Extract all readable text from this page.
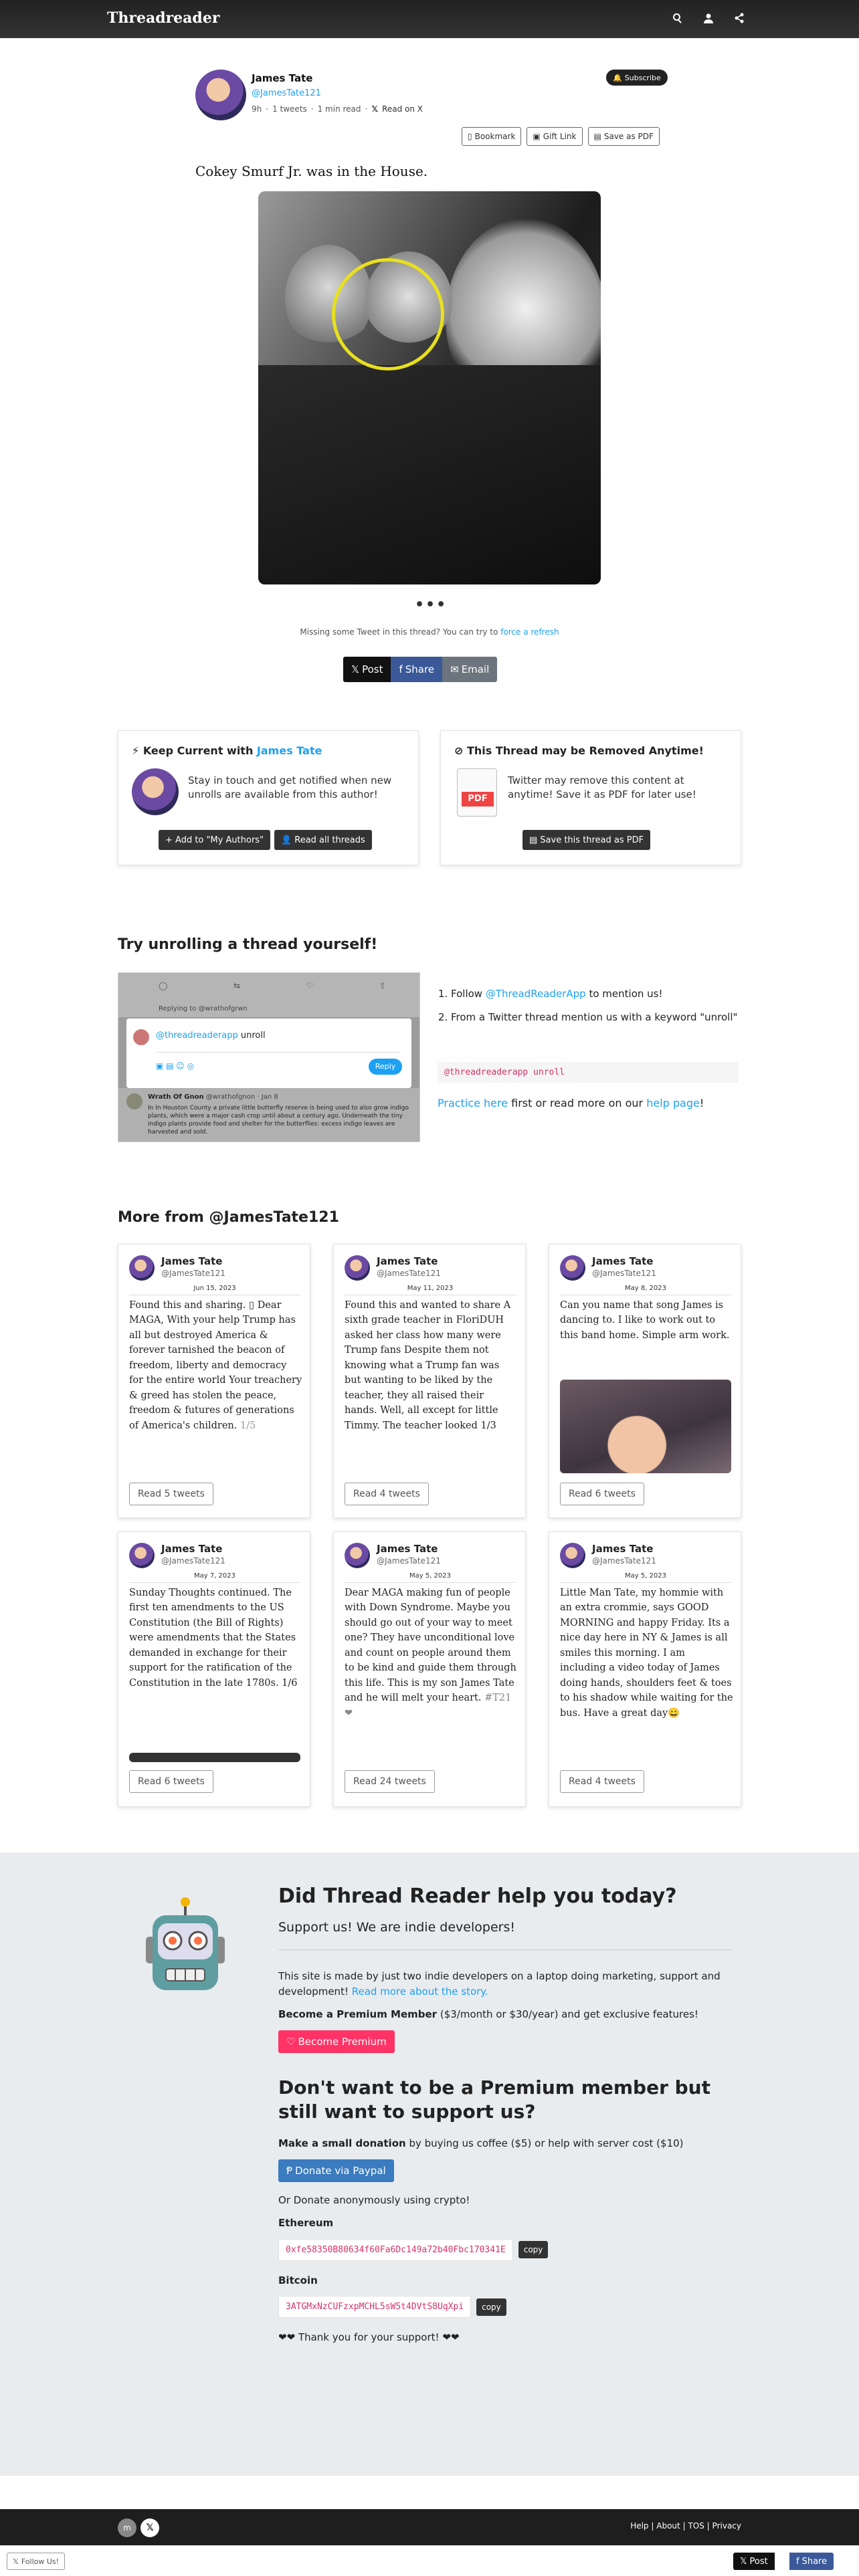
Threadreader
James Tate
@JamesTate121
9h · 1 tweets · 1 min read · 𝕏 Read on X
🔔 Subscribe
▯ Bookmark ▣ Gift Link ▤ Save as PDF
Cokey Smurf Jr. was in the House.
•••
Missing some Tweet in this thread? You can try to force a refresh
𝕏 Post f Share ✉ Email
⚡ Keep Current with James Tate

Stay in touch and get notified when new unrolls are available from this author!

+ Add to "My Authors"	👤 Read all threads
⊘ This Thread may be Removed Anytime!
PDF

Twitter may remove this content at anytime! Save it as PDF for later use!

▤ Save this thread as PDF
Try unrolling a thread yourself!
◯	⇆	♡	⇪
Replying to @wrathofgrwn
@threadreaderapp unroll
▣ ▤ ☺ ◎	Reply
Wrath Of Gnon @wrathofgnon · Jan 8
In In Houston County a private little butterfly reserve is being used to also grow indigo plants, which were a major cash crop until about a century ago. Underneath the tiny indigo plants provide food and shelter for the butterflies: excess indigo leaves are harvested and sold.
1. Follow @ThreadReaderApp to mention us!
2. From a Twitter thread mention us with a keyword "unroll"
@threadreaderapp unroll
Practice here first or read more on our help page!
More from @JamesTate121
James Tate
@JamesTate121
Jun 15, 2023
Found this and sharing. ▯ Dear MAGA, With your help Trump has all but destroyed America & forever tarnished the beacon of freedom, liberty and democracy for the entire world Your treachery & greed has stolen the peace, freedom & futures of generations of America's children. 1/5
Read 5 tweets
James Tate
@JamesTate121
May 11, 2023
Found this and wanted to share A sixth grade teacher in FloriDUH asked her class how many were Trump fans Despite them not knowing what a Trump fan was but wanting to be liked by the teacher, they all raised their hands. Well, all except for little Timmy. The teacher looked 1/3
Read 4 tweets
James Tate
@JamesTate121
May 8, 2023
Can you name that song James is dancing to. I like to work out to this band home. Simple arm work.
Read 6 tweets
James Tate
@JamesTate121
May 7, 2023
Sunday Thoughts continued. The first ten amendments to the US Constitution (the Bill of Rights) were amendments that the States demanded in exchange for their support for the ratification of the Constitution in the late 1780s. 1/6
Read 6 tweets
James Tate
@JamesTate121
May 5, 2023
Dear MAGA making fun of people with Down Syndrome. Maybe you should go out of your way to meet one? They have unconditional love and count on people around them to be kind and guide them through this life. This is my son James Tate and he will melt your heart. #T21 ❤
Read 24 tweets
James Tate
@JamesTate121
May 5, 2023
Little Man Tate, my hommie with an extra crommie, says GOOD MORNING and happy Friday. Its a nice day here in NY & James is all smiles this morning. I am including a video today of James doing hands, shoulders feet & toes to his shadow while waiting for the bus. Have a great day😀
Read 4 tweets
Did Thread Reader help you today?
Support us! We are indie developers!

This site is made by just two indie developers on a laptop doing marketing, support and development! Read more about the story.

Become a Premium Member ($3/month or $30/year) and get exclusive features!

♡ Become Premium
Don't want to be a Premium member but still want to support us?

Make a small donation by buying us coffee ($5) or help with server cost ($10)

Ᵽ Donate via Paypal

Or Donate anonymously using crypto!

Ethereum

0xfe58350B80634f60Fa6Dc149a72b40Fbc170341E	copy

Bitcoin

3ATGMxNzCUFzxpMCHL5sW5t4DVtS8UqXpi	copy

❤❤ Thank you for your support! ❤❤

m	𝕏	Help | About | TOS | Privacy
𝕏 Follow Us!	𝕏 Post	f Share
